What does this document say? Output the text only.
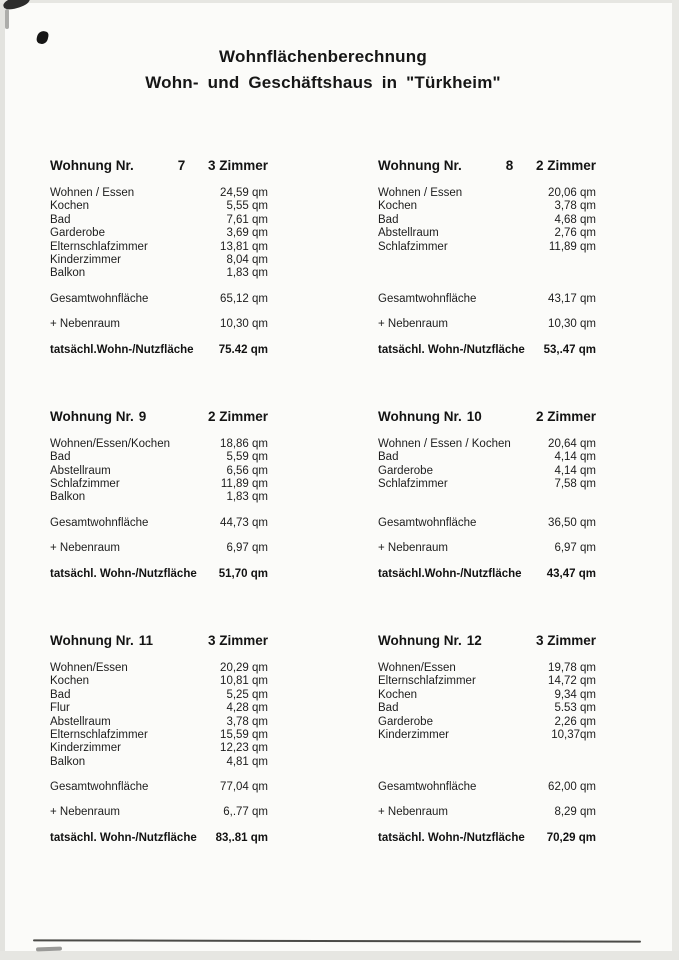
Wohnflächenberechnung
Wohn- und Geschäftshaus in "Türkheim"
Wohnung Nr.	7 3 Zimmer
Wohnen / Essen	24,59 qm
Kochen	5,55 qm
Bad	7,61 qm
Garderobe	3,69 qm
Elternschlafzimmer	13,81 qm
Kinderzimmer	8,04 qm
Balkon	1,83 qm
Gesamtwohnfläche	65,12 qm
+ Nebenraum	10,30 qm
tatsächl.Wohn-/Nutzfläche 75.42 qm
Wohnung Nr.	8 2 Zimmer
Wohnen / Essen	20,06 qm
Kochen	3,78 qm
Bad	4,68 qm
Abstellraum	2,76 qm
Schlafzimmer	11,89 qm
Gesamtwohnfläche	43,17 qm
+ Nebenraum	10,30 qm
tatsächl. Wohn-/Nutzfläche 53,.47 qm
Wohnung Nr. 9	2 Zimmer
Wohnen/Essen/Kochen	18,86 qm
Bad	5,59 qm
Abstellraum	6,56 qm
Schlafzimmer	11,89 qm
Balkon	1,83 qm
Gesamtwohnfläche	44,73 qm
+ Nebenraum	6,97 qm
tatsächl. Wohn-/Nutzfläche 51,70 qm
Wohnung Nr. 10	2 Zimmer
Wohnen / Essen / Kochen	20,64 qm
Bad	4,14 qm
Garderobe	4,14 qm
Schlafzimmer	7,58 qm
Gesamtwohnfläche	36,50 qm
+ Nebenraum	6,97 qm
tatsächl.Wohn-/Nutzfläche 43,47 qm
Wohnung Nr. 11	3 Zimmer
Wohnen/Essen	20,29 qm
Kochen	10,81 qm
Bad	5,25 qm
Flur	4,28 qm
Abstellraum	3,78 qm
Elternschlafzimmer	15,59 qm
Kinderzimmer	12,23 qm
Balkon	4,81 qm
Gesamtwohnfläche	77,04 qm
+ Nebenraum	6,.77 qm
tatsächl. Wohn-/Nutzfläche 83,.81 qm
Wohnung Nr. 12	3 Zimmer
Wohnen/Essen	19,78 qm
Elternschlafzimmer	14,72 qm
Kochen	9,34 qm
Bad	5.53 qm
Garderobe	2,26 qm
Kinderzimmer	10,37qm
Gesamtwohnfläche	62,00 qm
+ Nebenraum	8,29 qm
tatsächl. Wohn-/Nutzfläche 70,29 qm
